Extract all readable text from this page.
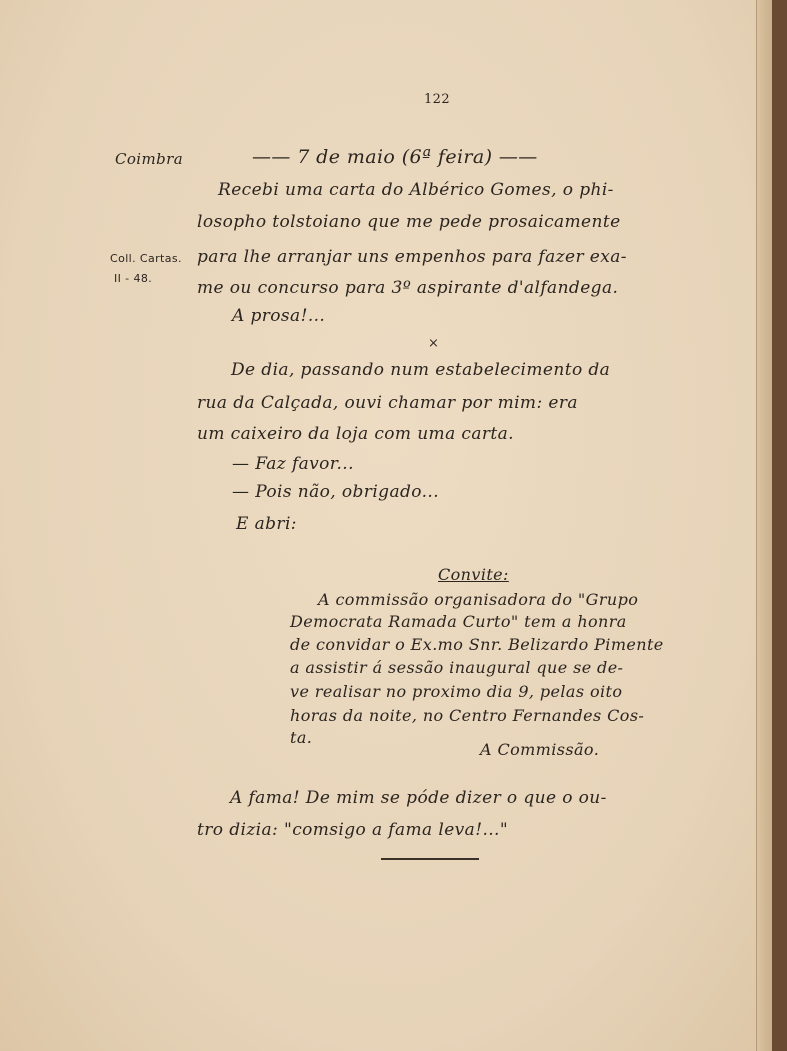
122
Coimbra	—— 7 de maio (6ª feira) ——
Recebi uma carta do Albérico Gomes, o phi-
losopho tolstoiano que me pede prosaicamente
para lhe arranjar uns empenhos para fazer exa-
me ou concurso para 3º aspirante d'alfandega.
A prosa!...
Coll. Cartas.
II - 48.
×
De dia, passando num estabelecimento da
rua da Calçada, ouvi chamar por mim: era
um caixeiro da loja com uma carta.
— Faz favor...
— Pois não, obrigado...
E abri:
Convite:
A commissão organisadora do "Grupo
Democrata Ramada Curto" tem a honra
de convidar o Ex.mo Snr. Belizardo Pimente
a assistir á sessão inaugural que se de-
ve realisar no proximo dia 9, pelas oito
horas da noite, no Centro Fernandes Cos-
ta.
A Commissão.
A fama! De mim se póde dizer o que o ou-
tro dizia: "comsigo a fama leva!..."
